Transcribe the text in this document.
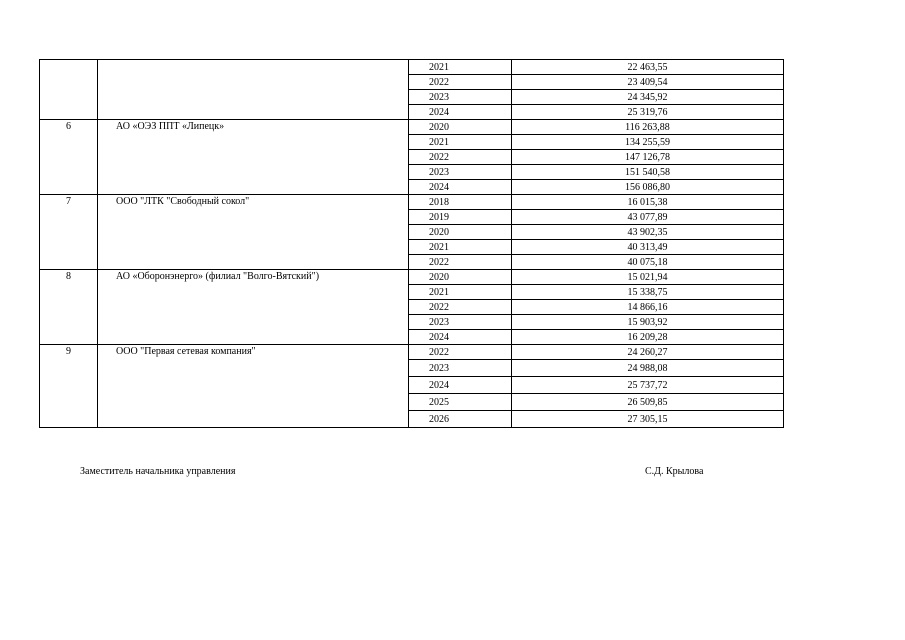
		2021	22 463,55
		2022	23 409,54
		2023	24 345,92
		2024	25 319,76
6	АО «ОЭЗ ППТ «Липецк»	2020	116 263,88
		2021	134 255,59
		2022	147 126,78
		2023	151 540,58
		2024	156 086,80
7	ООО "ЛТК "Свободный сокол"	2018	16 015,38
		2019	43 077,89
		2020	43 902,35
		2021	40 313,49
		2022	40 075,18
8	АО «Оборонэнерго» (филиал "Волго-Вятский")	2020	15 021,94
		2021	15 338,75
		2022	14 866,16
		2023	15 903,92
		2024	16 209,28
9	ООО "Первая сетевая компания"	2022	24 260,27
		2023	24 988,08
		2024	25 737,72
		2025	26 509,85
		2026	27 305,15
Заместитель начальника управления	С.Д. Крылова
